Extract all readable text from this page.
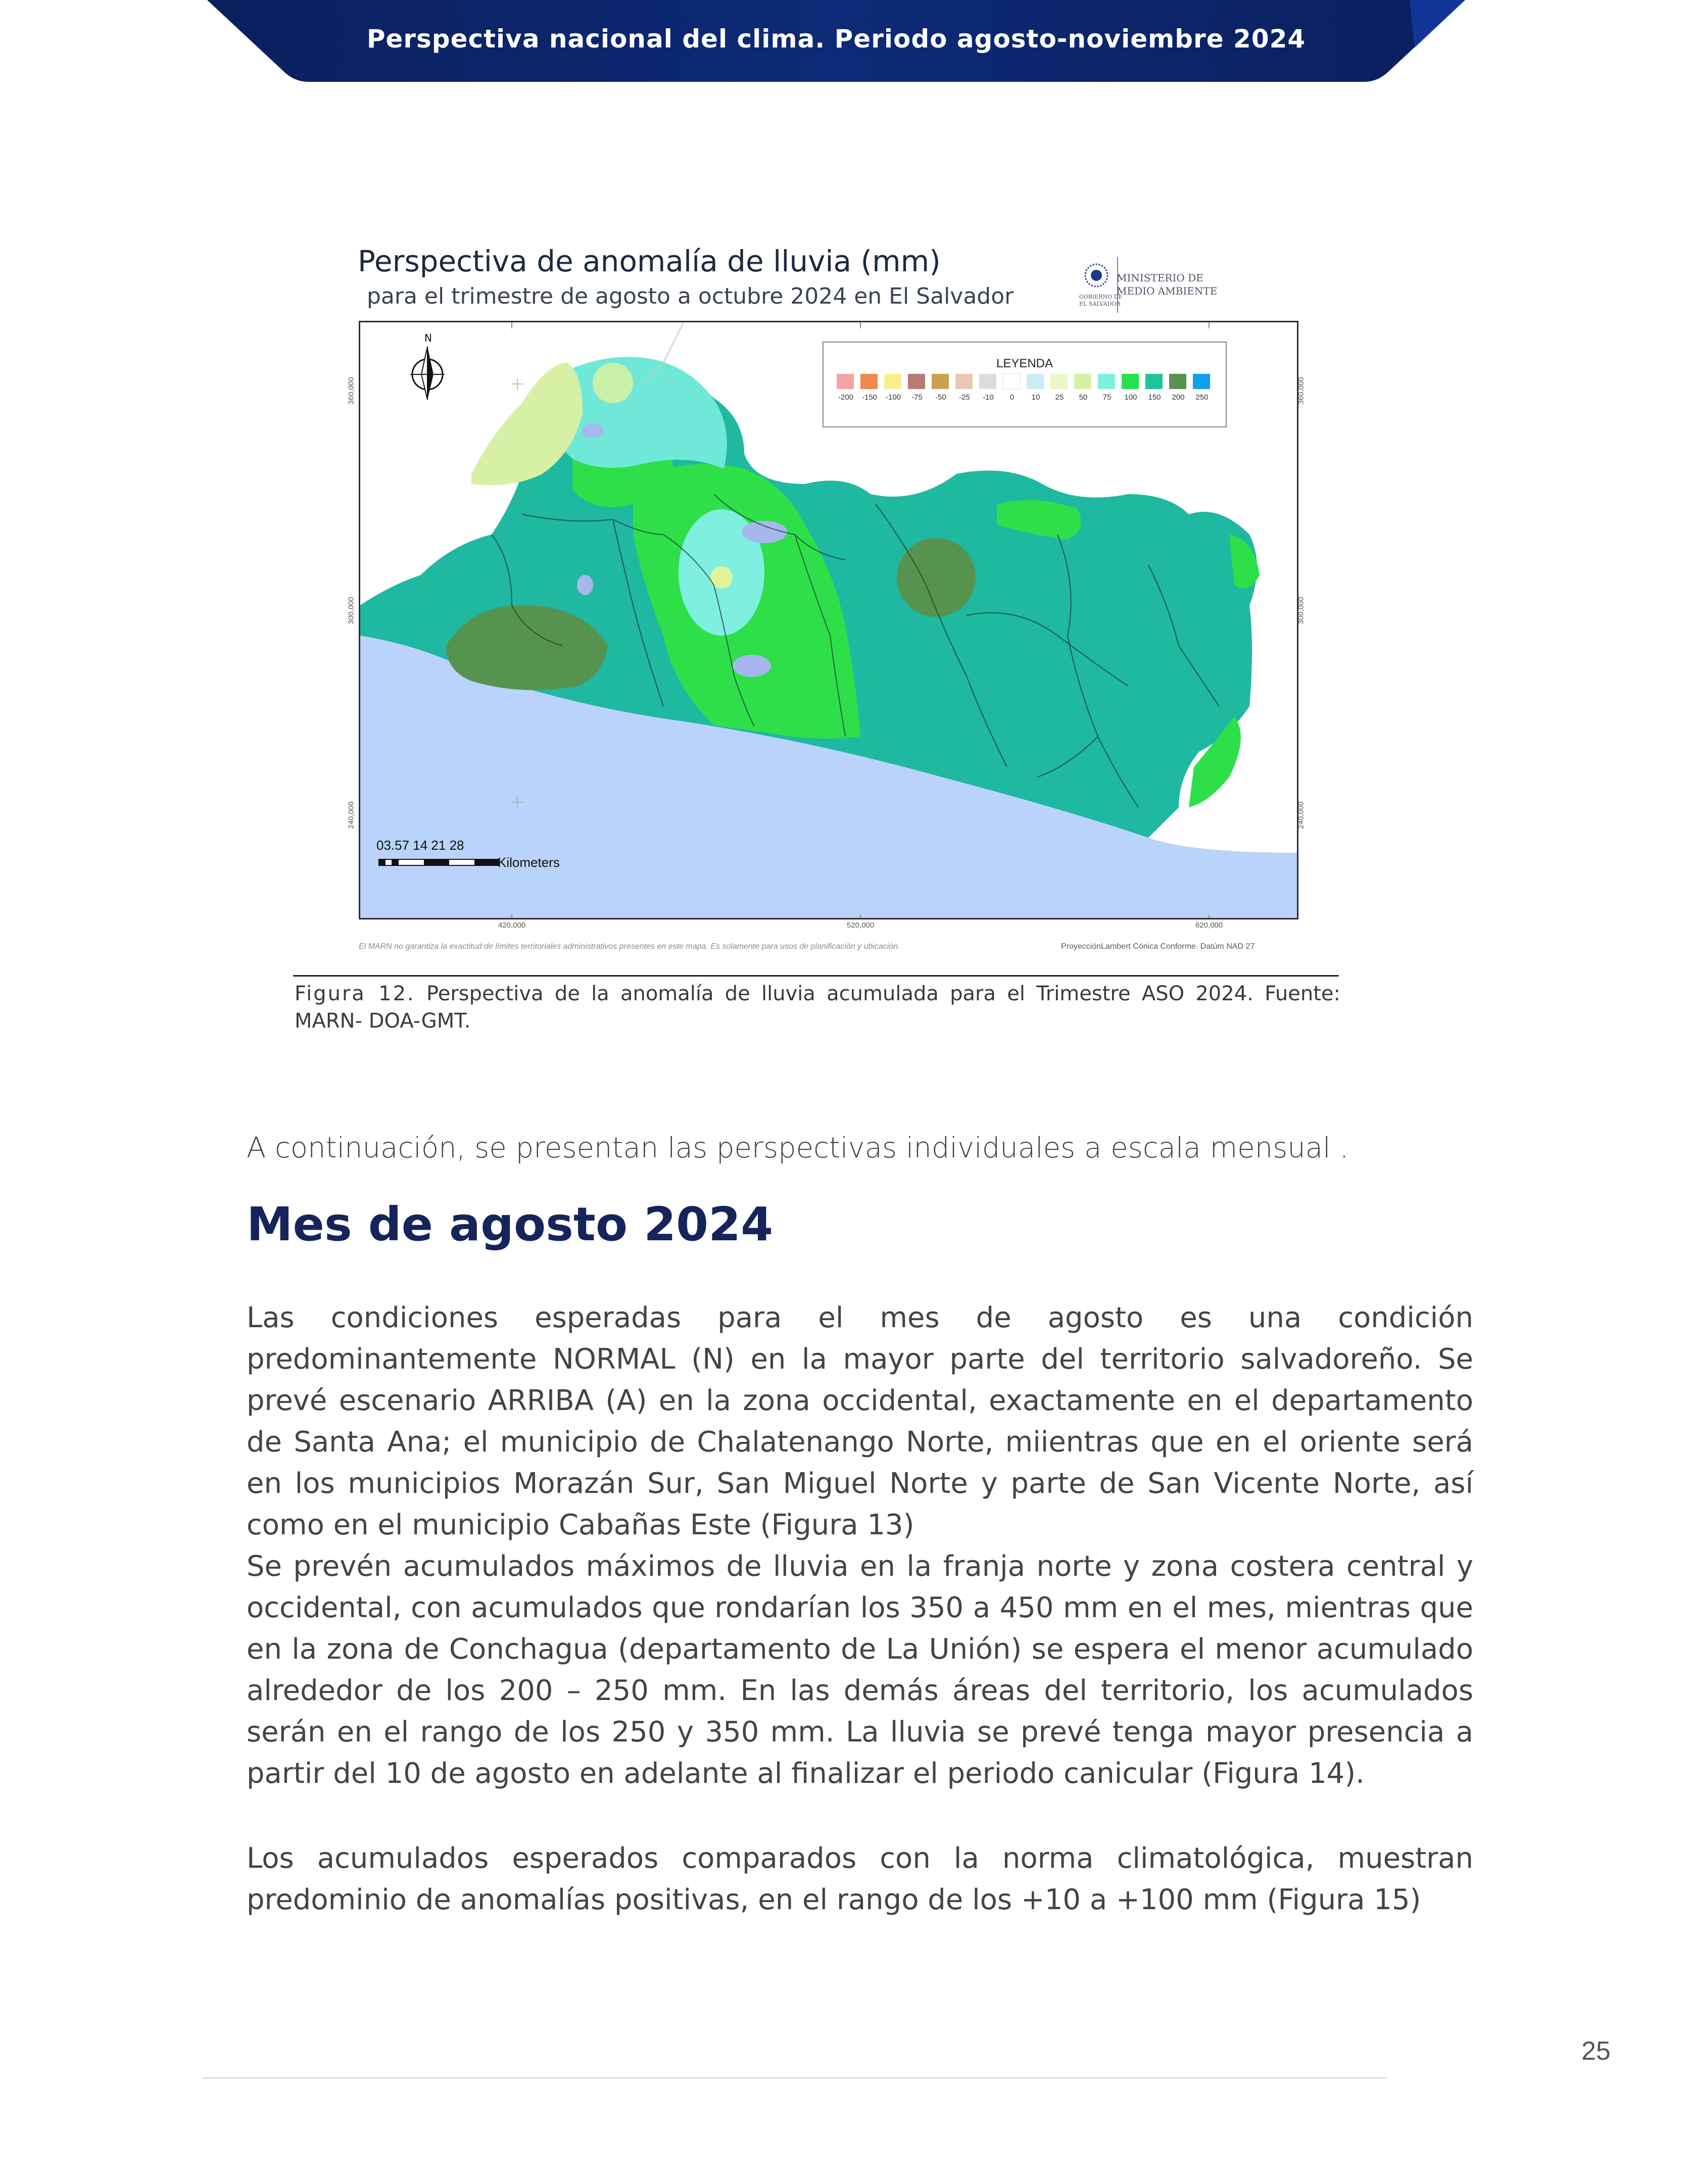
Perspectiva nacional del clima. Periodo agosto-noviembre 2024
Perspectiva de anomalía de lluvia (mm)
para el trimestre de agosto a octubre 2024 en El Salvador	GOBIERNO DE
EL SALVADOR
MINISTERIO DE
MEDIO AMBIENTE
N
LEYENDA
-200	-150	-100	-75	-50	-25	-10	0	10	25	50	75	100	150	200	250
03.57 14 21 28
Kilometers
420,000	520,000	620,000
360,000
300,000
240,000
360,000
300,000
240,000
El MARN no garantiza la exactitud de límites territoriales administrativos presentes en este mapa. Es solamente para usos de planificación y ubicación.	ProyecciónLambert Cónica Conforme. Datúm NAD 27
Figura 12. Perspectiva de la anomalía de lluvia acumulada para el Trimestre ASO 2024. Fuente: MARN- DOA-GMT.
A continuación, se presentan las perspectivas individuales a escala mensual .
Mes de agosto 2024
Las condiciones esperadas para el mes de agosto es una condición predominantemente NORMAL (N) en la mayor parte del territorio salvadoreño. Se prevé escenario ARRIBA (A) en la zona occidental, exactamente en el departamento de Santa Ana; el municipio de Chalatenango Norte, miientras que en el oriente será en los municipios Morazán Sur, San Miguel Norte y parte de San Vicente Norte, así como en el municipio Cabañas Este (Figura 13)
Se prevén acumulados máximos de lluvia en la franja norte y zona costera central y occidental, con acumulados que rondarían los 350 a 450 mm en el mes, mientras que en la zona de Conchagua (departamento de La Unión) se espera el menor acumulado alrededor de los 200 – 250 mm. En las demás áreas del territorio, los acumulados serán en el rango de los 250 y 350 mm. La lluvia se prevé tenga mayor presencia a partir del 10 de agosto en adelante al finalizar el periodo canicular (Figura 14).
Los acumulados esperados comparados con la norma climatológica, muestran predominio de anomalías positivas, en el rango de los +10 a +100 mm (Figura 15)
25
